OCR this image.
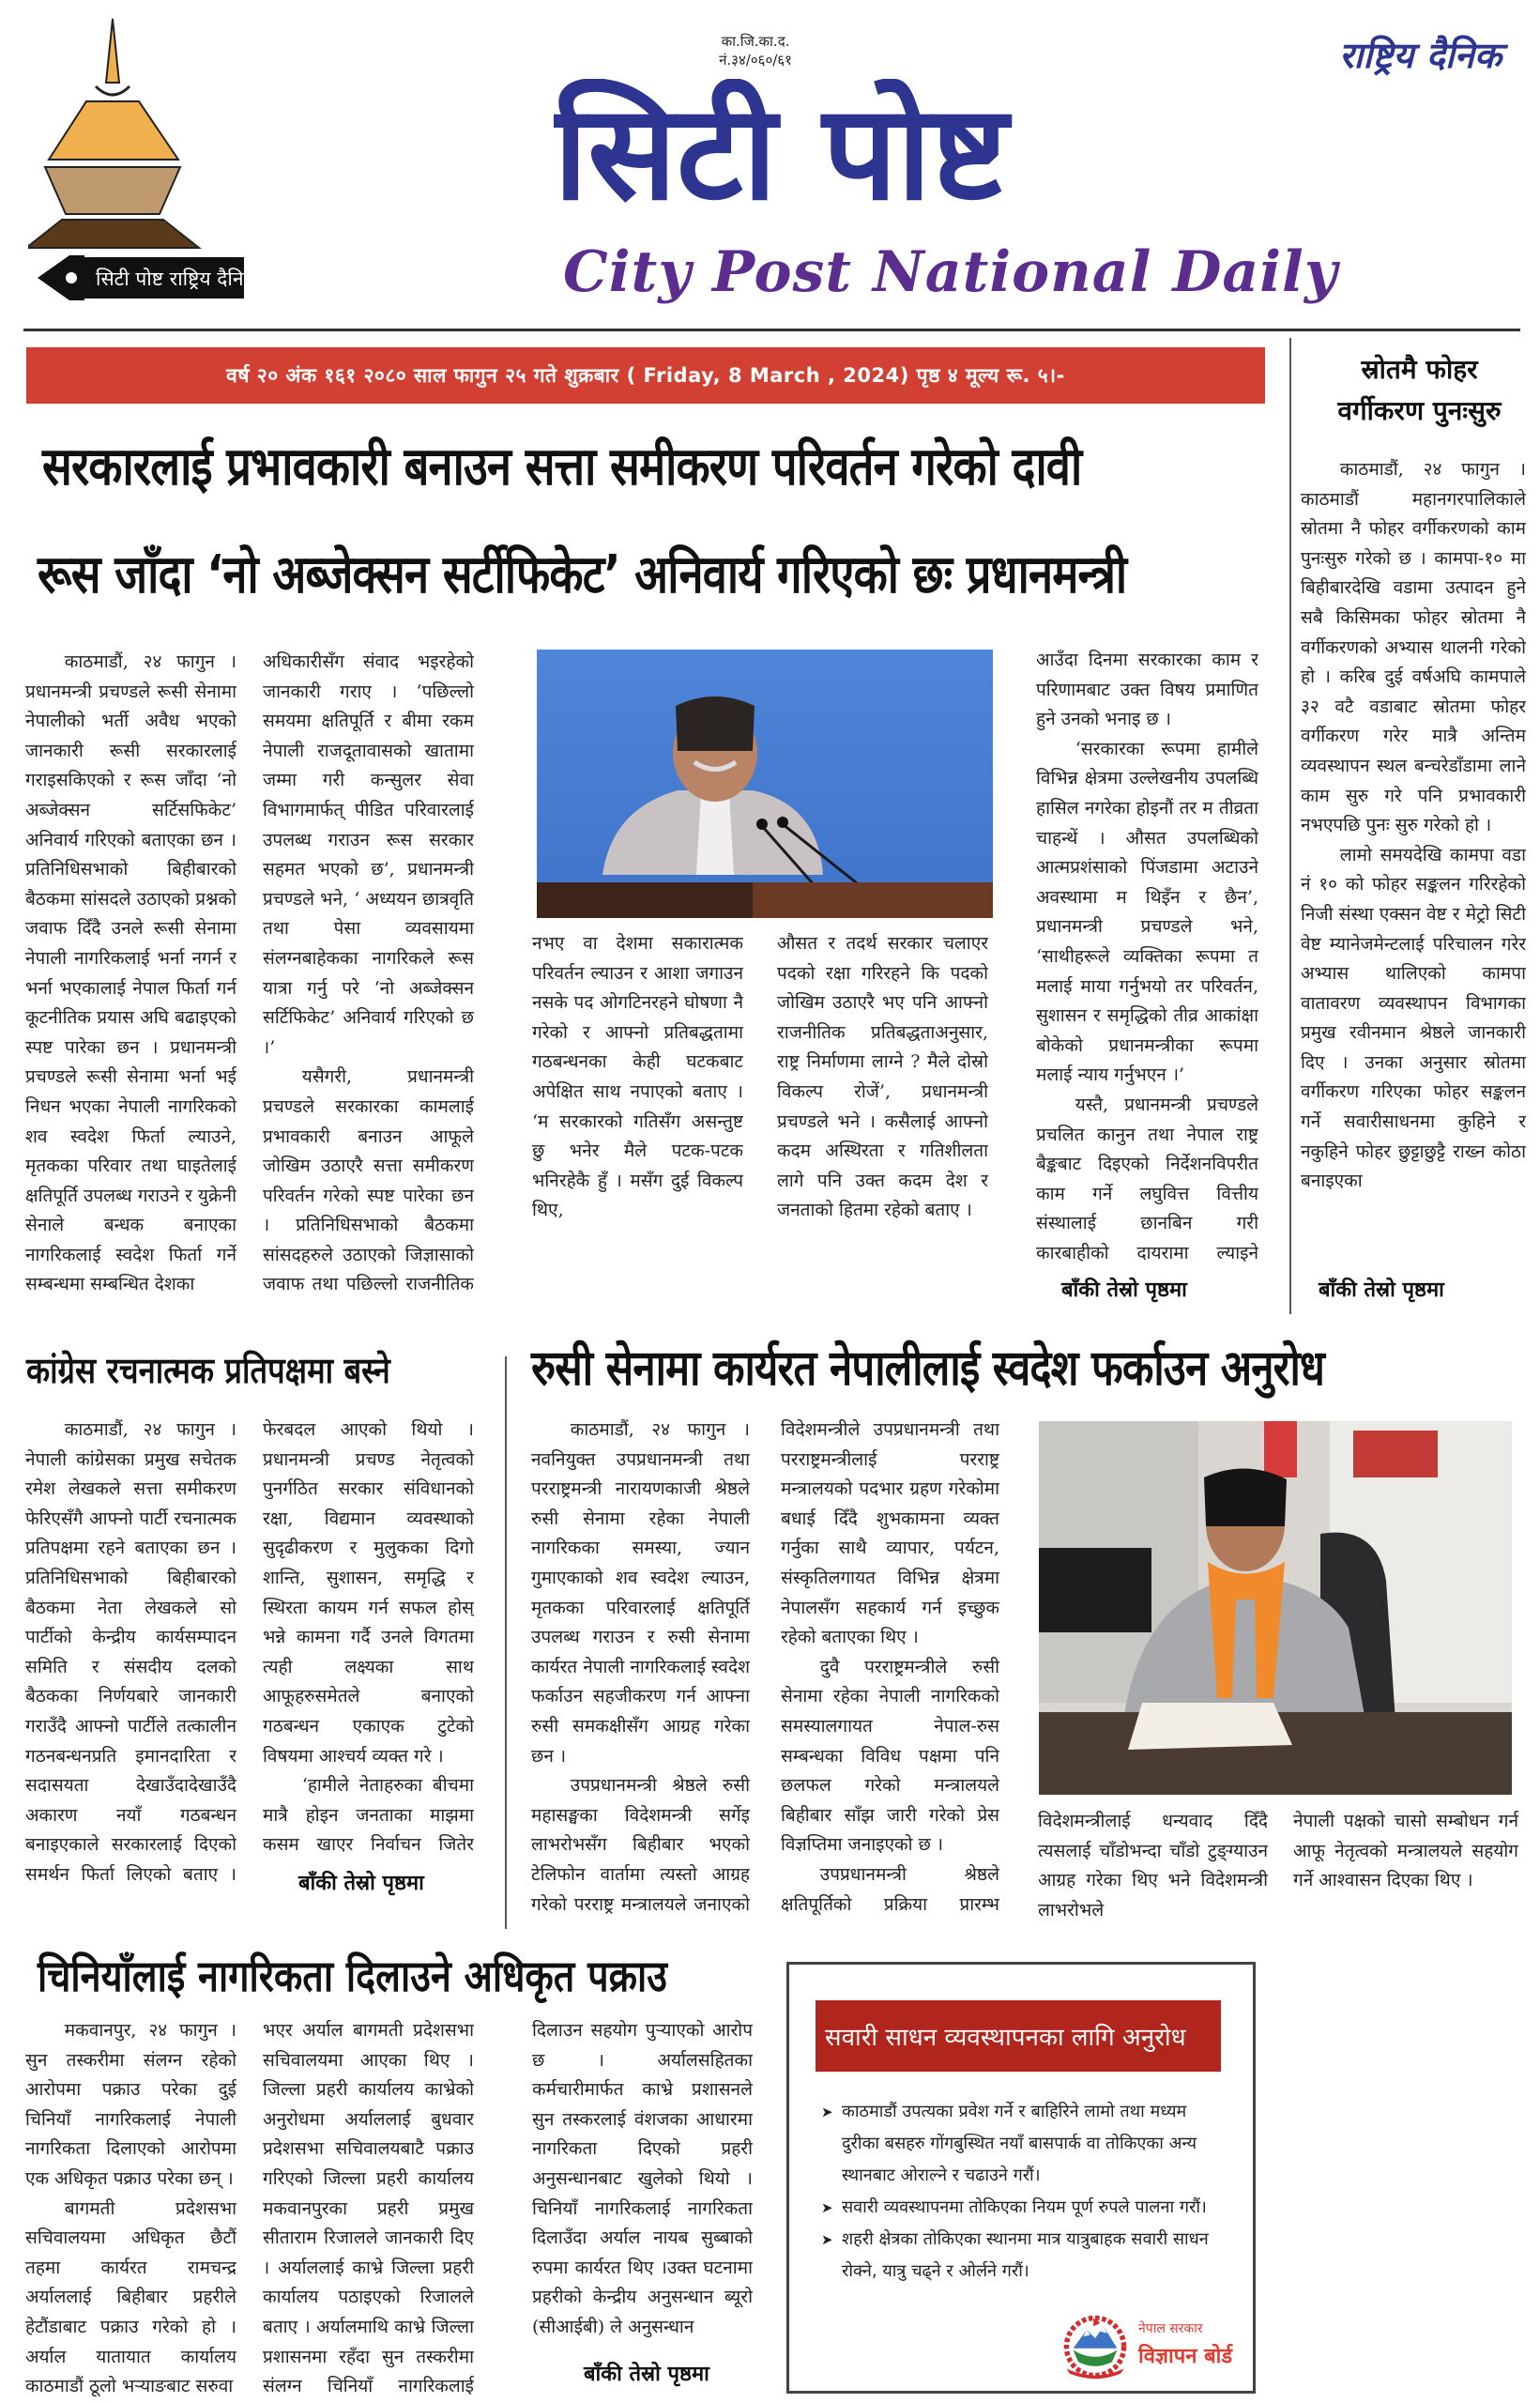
सिटी पोष्ट राष्ट्रिय दैनिक
का.जि.का.द.
नं.३४/०६०/६१	राष्ट्रिय दैनिक
सिटी पोष्ट
City Post National Daily
वर्ष २० अंक १६१ २०८० साल फागुन २५ गते शुक्रबार ( Friday, 8 March , 2024) पृष्ठ ४ मूल्य रू. ५।-
सरकारलाई प्रभावकारी बनाउन सत्ता समीकरण परिवर्तन गरेको दावी
रूस जाँदा ‘नो अब्जेक्सन सर्टीफिकेट’ अनिवार्य गरिएको छः प्रधानमन्त्री

काठमाडौं, २४ फागुन । प्रधानमन्त्री प्रचण्डले रूसी सेनामा नेपालीको भर्ती अवैध भएको जानकारी रूसी सरकारलाई गराइसकिएको र रूस जाँदा ‘नो अब्जेक्सन सर्टिसफिकेट’ अनिवार्य गरिएको बताएका छन । प्रतिनिधिसभाको बिहीबारको बैठकमा सांसदले उठाएको प्रश्नको जवाफ दिँदै उनले रूसी सेनामा नेपाली नागरिकलाई भर्ना नगर्न र भर्ना भएकालाई नेपाल फिर्ता गर्न कूटनीतिक प्रयास अघि बढाइएको स्पष्ट पारेका छन । प्रधानमन्त्री प्रचण्डले रूसी सेनामा भर्ना भई निधन भएका नेपाली नागरिकको शव स्वदेश फिर्ता ल्याउने, मृतकका परिवार तथा घाइतेलाई क्षतिपूर्ति उपलब्ध गराउने र युक्रेनी सेनाले बन्धक बनाएका नागरिकलाई स्वदेश फिर्ता गर्ने सम्बन्धमा सम्बन्धित देशका

अधिकारीसँग संवाद भइरहेको जानकारी गराए । ‘पछिल्लो समयमा क्षतिपूर्ति र बीमा रकम नेपाली राजदूतावासको खातामा जम्मा गरी कन्सुलर सेवा विभागमार्फत् पीडित परिवारलाई उपलब्ध गराउन रूस सरकार सहमत भएको छ’, प्रधानमन्त्री प्रचण्डले भने, ‘ अध्ययन छात्रवृति तथा पेसा व्यवसायमा संलग्नबाहेकका नागरिकले रूस यात्रा गर्नु परे ‘नो अब्जेक्सन सर्टिफिकेट’ अनिवार्य गरिएको छ ।’

यसैगरी, प्रधानमन्त्री प्रचण्डले सरकारका कामलाई प्रभावकारी बनाउन आफूले जोखिम उठाएरै सत्ता समीकरण परिवर्तन गरेको स्पष्ट पारेका छन । प्रतिनिधिसभाको बैठकमा सांसदहरुले उठाएको जिज्ञासाको जवाफ तथा पछिल्लो राजनीतिक

नभए वा देशमा सकारात्मक परिवर्तन ल्याउन र आशा जगाउन नसके पद ओगटिनरहने घोषणा नै गरेको र आफ्नो प्रतिबद्धतामा गठबन्धनका केही घटकबाट अपेक्षित साथ नपाएको बताए । ‘म सरकारको गतिसँग असन्तुष्ट छु भनेर मैले पटक-पटक भनिरहेकै हुँ । मसँग दुई विकल्प थिए,

औसत र तदर्थ सरकार चलाएर पदको रक्षा गरिरहने कि पदको जोखिम उठाएरै भए पनि आफ्नो राजनीतिक प्रतिबद्धताअनुसार, राष्ट्र निर्माणमा लाग्ने ? मैले दोस्रो विकल्प रोजें’, प्रधानमन्त्री प्रचण्डले भने । कसैलाई आफ्नो कदम अस्थिरता र गतिशीलता लागे पनि उक्त कदम देश र जनताको हितमा रहेको बताए ।

आउँदा दिनमा सरकारका काम र परिणामबाट उक्त विषय प्रमाणित हुने उनको भनाइ छ ।

‘सरकारका रूपमा हामीले विभिन्न क्षेत्रमा उल्लेखनीय उपलब्धि हासिल नगरेका होइनौं तर म तीव्रता चाहन्थें । औसत उपलब्धिको आत्मप्रशंसाको पिंजडामा अटाउने अवस्थामा म थिइँन र छैन’, प्रधानमन्त्री प्रचण्डले भने, ‘साथीहरूले व्यक्तिका रूपमा त मलाई माया गर्नुभयो तर परिवर्तन, सुशासन र समृद्धिको तीव्र आकांक्षा बोकेको प्रधानमन्त्रीका रूपमा मलाई न्याय गर्नुभएन ।’

यस्तै, प्रधानमन्त्री प्रचण्डले प्रचलित कानुन तथा नेपाल राष्ट्र बैङ्कबाट दिइएको निर्देशनविपरीत काम गर्ने लघुवित्त वित्तीय संस्थालाई छानबिन गरी कारबाहीको दायरामा ल्याइने

बाँकी तेस्रो पृष्ठमा
स्रोतमै फोहर वर्गीकरण पुनःसुरु

काठमाडौं, २४ फागुन । काठमाडौं महानगरपालिकाले स्रोतमा नै फोहर वर्गीकरणको काम पुनःसुरु गरेको छ । कामपा-१० मा बिहीबारदेखि वडामा उत्पादन हुने सबै किसिमका फोहर स्रोतमा नै वर्गीकरणको अभ्यास थालनी गरेको हो । करिब दुई वर्षअघि कामपाले ३२ वटै वडाबाट स्रोतमा फोहर वर्गीकरण गरेर मात्रै अन्तिम व्यवस्थापन स्थल बन्चरेडाँडामा लाने काम सुरु गरे पनि प्रभावकारी नभएपछि पुनः सुरु गरेको हो ।

लामो समयदेखि कामपा वडा नं १० को फोहर सङ्कलन गरिरहेको निजी संस्था एक्सन वेष्ट र मेट्रो सिटी वेष्ट म्यानेजमेन्टलाई परिचालन गरेर अभ्यास थालिएको कामपा वातावरण व्यवस्थापन विभागका प्रमुख रवीनमान श्रेष्ठले जानकारी दिए । उनका अनुसार स्रोतमा वर्गीकरण गरिएका फोहर सङ्कलन गर्ने सवारीसाधनमा कुहिने र नकुहिने फोहर छुट्टाछुट्टै राख्न कोठा बनाइएका

बाँकी तेस्रो पृष्ठमा
कांग्रेस रचनात्मक प्रतिपक्षमा बस्ने

काठमाडौं, २४ फागुन । नेपाली कांग्रेसका प्रमुख सचेतक रमेश लेखकले सत्ता समीकरण फेरिएसँगै आफ्नो पार्टी रचनात्मक प्रतिपक्षमा रहने बताएका छन । प्रतिनिधिसभाको बिहीबारको बैठकमा नेता लेखकले सो पार्टीको केन्द्रीय कार्यसम्पादन समिति र संसदीय दलको बैठकका निर्णयबारे जानकारी गराउँदै आफ्नो पार्टीले तत्कालीन गठनबन्धनप्रति इमानदारिता र सदासयता देखाउँदादेखाउँदै अकारण नयाँ गठबन्धन बनाइएकाले सरकारलाई दिएको समर्थन फिर्ता लिएको बताए ।

फेरबदल आएको थियो । प्रधानमन्त्री प्रचण्ड नेतृत्वको पुनर्गठित सरकार संविधानको रक्षा, विद्यमान व्यवस्थाको सुदृढीकरण र मुलुकका दिगो शान्ति, सुशासन, समृद्धि र स्थिरता कायम गर्न सफल होस् भन्ने कामना गर्दै उनले विगतमा त्यही लक्ष्यका साथ आफूहरुसमेतले बनाएको गठबन्धन एकाएक टुटेको विषयमा आश्चर्य व्यक्त गरे ।

‘हामीले नेताहरुका बीचमा मात्रै होइन जनताका माझमा कसम खाएर निर्वाचन जितेर

बाँकी तेस्रो पृष्ठमा
रुसी सेनामा कार्यरत नेपालीलाई स्वदेश फर्काउन अनुरोध

काठमाडौं, २४ फागुन । नवनियुक्त उपप्रधानमन्त्री तथा परराष्ट्रमन्त्री नारायणकाजी श्रेष्ठले रुसी सेनामा रहेका नेपाली नागरिकका समस्या, ज्यान गुमाएकाको शव स्वदेश ल्याउन, मृतकका परिवारलाई क्षतिपूर्ति उपलब्ध गराउन र रुसी सेनामा कार्यरत नेपाली नागरिकलाई स्वदेश फर्काउन सहजीकरण गर्न आफ्ना रुसी समकक्षीसँग आग्रह गरेका छन ।

उपप्रधानमन्त्री श्रेष्ठले रुसी महासङ्घका विदेशमन्त्री सर्गेइ लाभरोभसँग बिहीबार भएको टेलिफोन वार्तामा त्यस्तो आग्रह गरेको परराष्ट्र मन्त्रालयले जनाएको

विदेशमन्त्रीले उपप्रधानमन्त्री तथा परराष्ट्रमन्त्रीलाई परराष्ट्र मन्त्रालयको पदभार ग्रहण गरेकोमा बधाई दिँदै शुभकामना व्यक्त गर्नुका साथै व्यापार, पर्यटन, संस्कृतिलगायत विभिन्न क्षेत्रमा नेपालसँग सहकार्य गर्न इच्छुक रहेको बताएका थिए ।

दुवै परराष्ट्रमन्त्रीले रुसी सेनामा रहेका नेपाली नागरिकको समस्यालगायत नेपाल-रुस सम्बन्धका विविध पक्षमा पनि छलफल गरेको मन्त्रालयले बिहीबार साँझ जारी गरेको प्रेस विज्ञप्तिमा जनाइएको छ ।

उपप्रधानमन्त्री श्रेष्ठले क्षतिपूर्तिको प्रक्रिया प्रारम्भ

विदेशमन्त्रीलाई धन्यवाद दिँदै त्यसलाई चाँडोभन्दा चाँडो टुङ्ग्याउन आग्रह गरेका थिए भने विदेशमन्त्री लाभरोभले

नेपाली पक्षको चासो सम्बोधन गर्न आफू नेतृत्वको मन्त्रालयले सहयोग गर्ने आश्वासन दिएका थिए ।

चिनियाँलाई नागरिकता दिलाउने अधिकृत पक्राउ

मकवानपुर, २४ फागुन । सुन तस्करीमा संलग्न रहेको आरोपमा पक्राउ परेका दुई चिनियाँ नागरिकलाई नेपाली नागरिकता दिलाएको आरोपमा एक अधिकृत पक्राउ परेका छन् ।

बागमती प्रदेशसभा सचिवालयमा अधिकृत छैटौं तहमा कार्यरत रामचन्द्र अर्याललाई बिहीबार प्रहरीले हेटौंडाबाट पक्राउ गरेको हो । अर्याल यातायात कार्यालय काठमाडौं ठूलो भऱ्याङबाट सरुवा

भएर अर्याल बागमती प्रदेशसभा सचिवालयमा आएका थिए । जिल्ला प्रहरी कार्यालय काभ्रेको अनुरोधमा अर्याललाई बुधवार प्रदेशसभा सचिवालयबाटै पक्राउ गरिएको जिल्ला प्रहरी कार्यालय मकवानपुरका प्रहरी प्रमुख सीताराम रिजालले जानकारी दिए । अर्याललाई काभ्रे जिल्ला प्रहरी कार्यालय पठाइएको रिजालले बताए । अर्यालमाथि काभ्रे जिल्ला प्रशासनमा रहँदा सुन तस्करीमा संलग्न चिनियाँ नागरिकलाई

दिलाउन सहयोग पुऱ्याएको आरोप छ । अर्यालसहितका कर्मचारीमार्फत काभ्रे प्रशासनले सुन तस्करलाई वंशजका आधारमा नागरिकता दिएको प्रहरी अनुसन्धानबाट खुलेको थियो । चिनियाँ नागरिकलाई नागरिकता दिलाउँदा अर्याल नायब सुब्बाको रुपमा कार्यरत थिए ।उक्त घटनामा प्रहरीको केन्द्रीय अनुसन्धान ब्यूरो (सीआईबी) ले अनुसन्धान

बाँकी तेस्रो पृष्ठमा
सवारी साधन व्यवस्थापनका लागि अनुरोध
➤ काठमाडौं उपत्यका प्रवेश गर्ने र बाहिरिने लामो तथा मध्यम दुरीका बसहरु गोंगबुस्थित नयाँ बासपार्क वा तोकिएका अन्य स्थानबाट ओराल्ने र चढाउने गरौं।
➤ सवारी व्यवस्थापनमा तोकिएका नियम पूर्ण रुपले पालना गरौं।
➤ शहरी क्षेत्रका तोकिएका स्थानमा मात्र यात्रुबाहक सवारी साधन रोक्ने, यात्रु चढ्ने र ओर्लने गरौं।
नेपाल सरकार
विज्ञापन बोर्ड
